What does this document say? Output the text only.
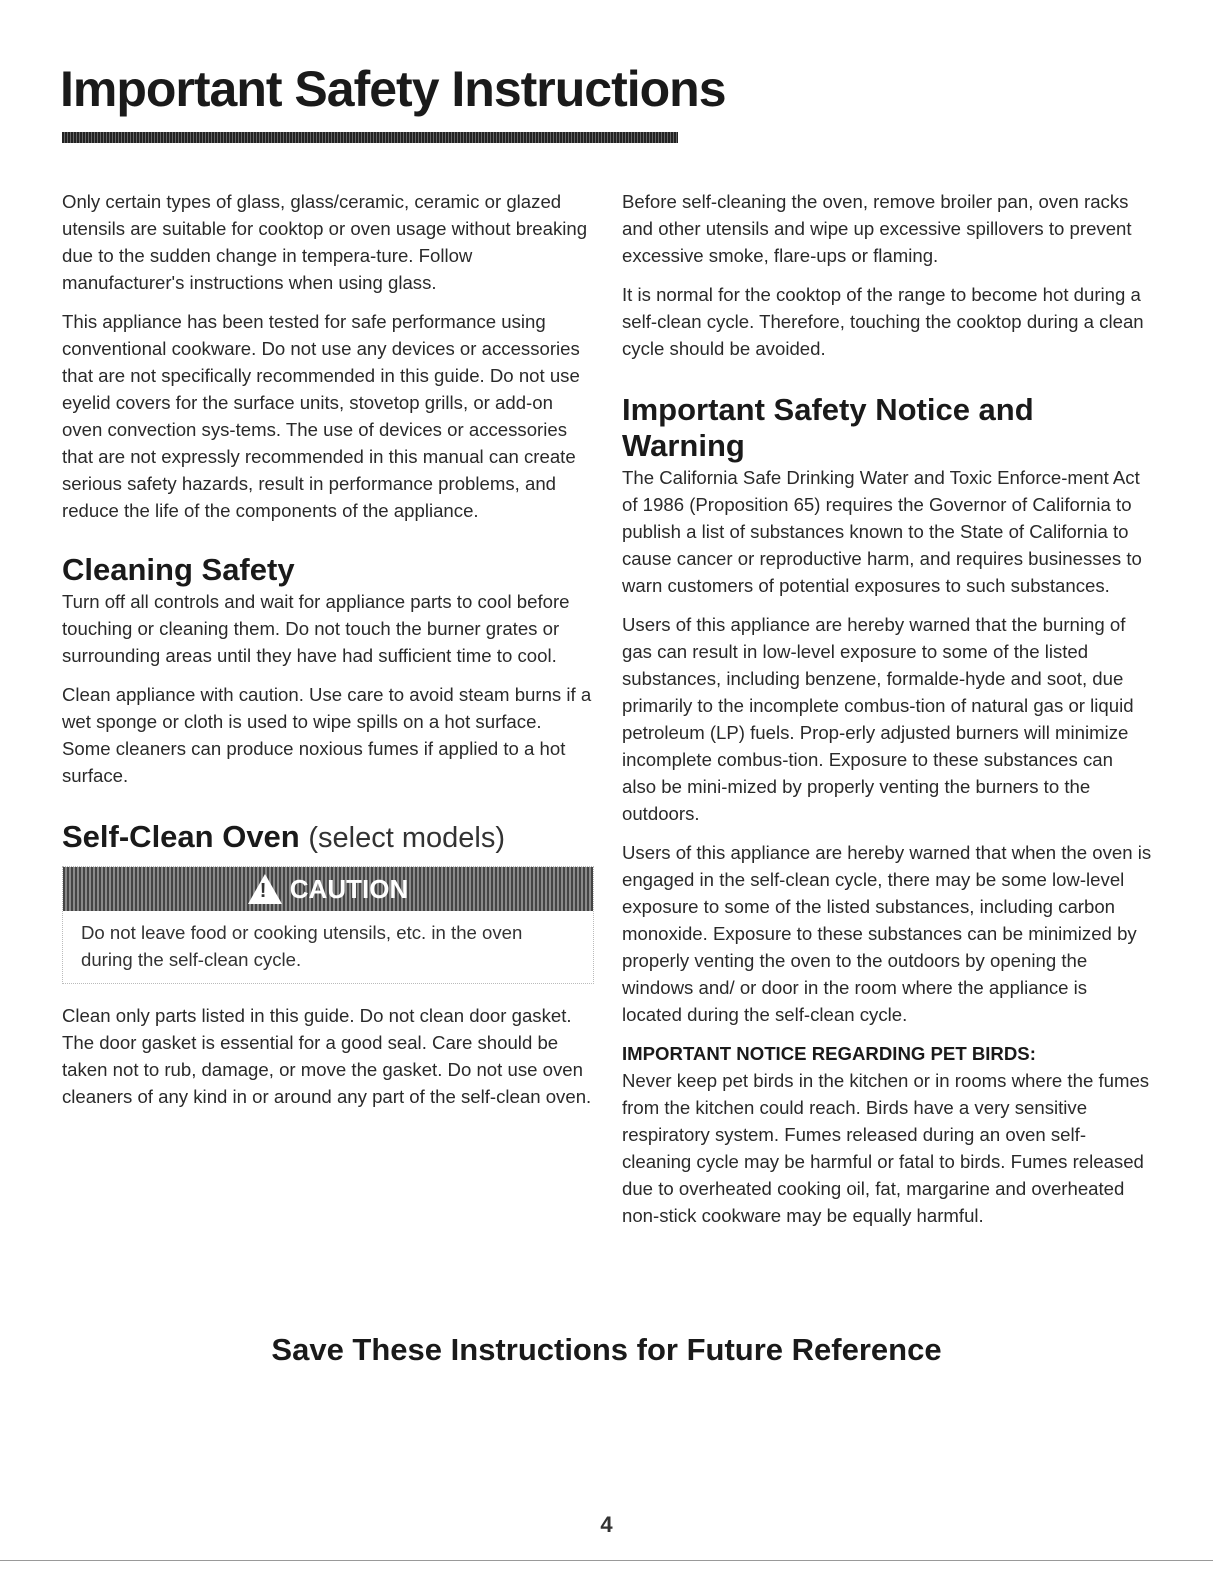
Important Safety Instructions

Only certain types of glass, glass/ceramic, ceramic or glazed utensils are suitable for cooktop or oven usage without breaking due to the sudden change in tempera-ture. Follow manufacturer's instructions when using glass.

This appliance has been tested for safe performance using conventional cookware. Do not use any devices or accessories that are not specifically recommended in this guide. Do not use eyelid covers for the surface units, stovetop grills, or add-on oven convection sys-tems. The use of devices or accessories that are not expressly recommended in this manual can create serious safety hazards, result in performance problems, and reduce the life of the components of the appliance.

Cleaning Safety

Turn off all controls and wait for appliance parts to cool before touching or cleaning them. Do not touch the burner grates or surrounding areas until they have had sufficient time to cool.

Clean appliance with caution. Use care to avoid steam burns if a wet sponge or cloth is used to wipe spills on a hot surface. Some cleaners can produce noxious fumes if applied to a hot surface.

Self-Clean Oven (select models)
! CAUTION
Do not leave food or cooking utensils, etc. in the oven during the self-clean cycle.

Clean only parts listed in this guide. Do not clean door gasket. The door gasket is essential for a good seal. Care should be taken not to rub, damage, or move the gasket. Do not use oven cleaners of any kind in or around any part of the self-clean oven.

Before self-cleaning the oven, remove broiler pan, oven racks and other utensils and wipe up excessive spillovers to prevent excessive smoke, flare-ups or flaming.

It is normal for the cooktop of the range to become hot during a self-clean cycle. Therefore, touching the cooktop during a clean cycle should be avoided.

Important Safety Notice and Warning

The California Safe Drinking Water and Toxic Enforce-ment Act of 1986 (Proposition 65) requires the Governor of California to publish a list of substances known to the State of California to cause cancer or reproductive harm, and requires businesses to warn customers of potential exposures to such substances.

Users of this appliance are hereby warned that the burning of gas can result in low-level exposure to some of the listed substances, including benzene, formalde-hyde and soot, due primarily to the incomplete combus-tion of natural gas or liquid petroleum (LP) fuels. Prop-erly adjusted burners will minimize incomplete combus-tion. Exposure to these substances can also be mini-mized by properly venting the burners to the outdoors.

Users of this appliance are hereby warned that when the oven is engaged in the self-clean cycle, there may be some low-level exposure to some of the listed substances, including carbon monoxide. Exposure to these substances can be minimized by properly venting the oven to the outdoors by opening the windows and/ or door in the room where the appliance is located during the self-clean cycle.

IMPORTANT NOTICE REGARDING PET BIRDS:

Never keep pet birds in the kitchen or in rooms where the fumes from the kitchen could reach. Birds have a very sensitive respiratory system. Fumes released during an oven self-cleaning cycle may be harmful or fatal to birds. Fumes released due to overheated cooking oil, fat, margarine and overheated non-stick cookware may be equally harmful.

Save These Instructions for Future Reference
4
